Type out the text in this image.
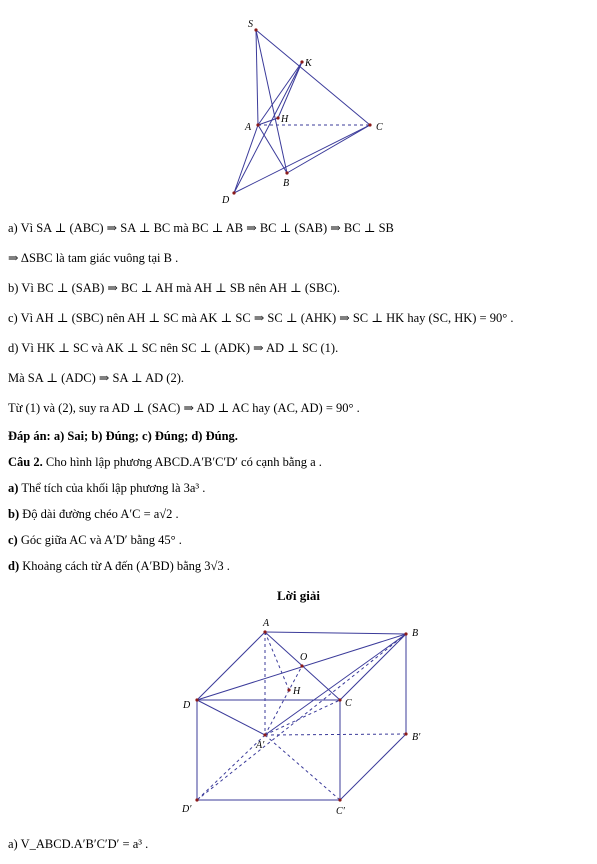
S
K
H
A	C
B
D
a) Vì SA ⊥ (ABC) ⇒ SA ⊥ BC mà BC ⊥ AB ⇒ BC ⊥ (SAB) ⇒ BC ⊥ SB
⇒ ΔSBC là tam giác vuông tại B .
b) Vì BC ⊥ (SAB) ⇒ BC ⊥ AH mà AH ⊥ SB nên AH ⊥ (SBC).
c) Vì AH ⊥ (SBC) nên AH ⊥ SC mà AK ⊥ SC ⇒ SC ⊥ (AHK) ⇒ SC ⊥ HK hay (SC, HK) = 90° .
d) Vì HK ⊥ SC và AK ⊥ SC nên SC ⊥ (ADK) ⇒ AD ⊥ SC (1).
Mà SA ⊥ (ADC) ⇒ SA ⊥ AD (2).
Từ (1) và (2), suy ra AD ⊥ (SAC) ⇒ AD ⊥ AC hay (AC, AD) = 90° .
Đáp án: a) Sai; b) Đúng; c) Đúng; d) Đúng.
Câu 2. Cho hình lập phương ABCD.A′B′C′D′ có cạnh bằng a .
a) Thể tích của khối lập phương là 3a³ .
b) Độ dài đường chéo A′C = a√2 .
c) Góc giữa AC và A′D′ bằng 45° .
d) Khoảng cách từ A đến (A′BD) bằng 3√3 .
Lời giải
A
B
O
H
D	C
A′
B′
D′	C′
a) V_ABCD.A′B′C′D′ = a³ .
